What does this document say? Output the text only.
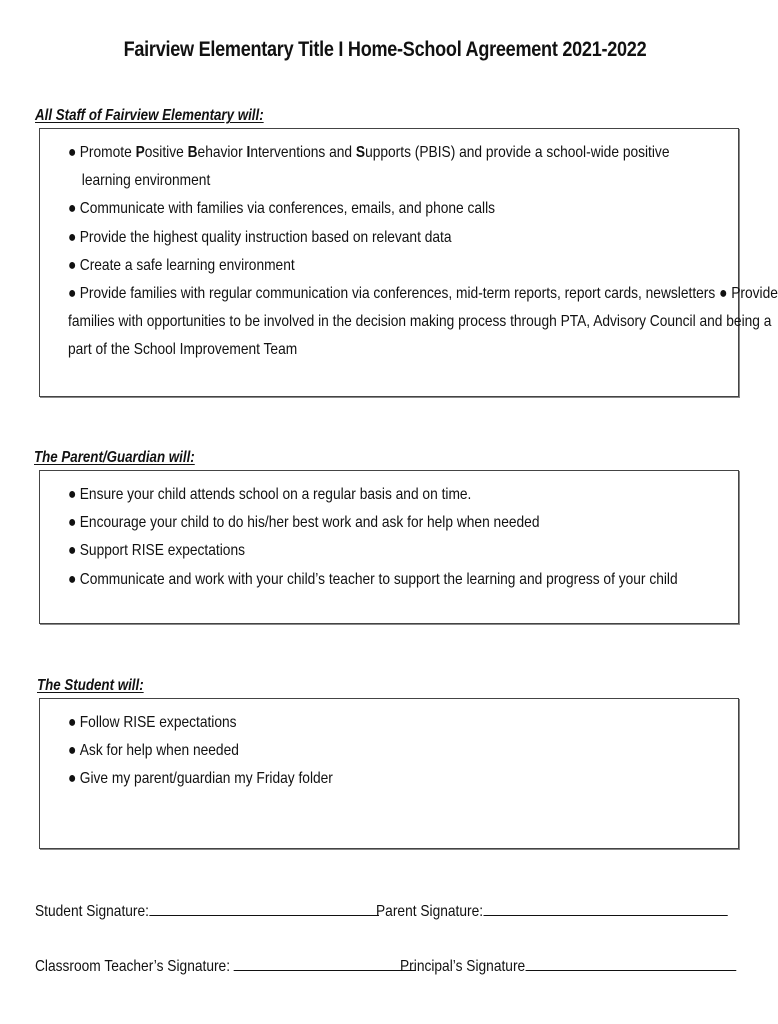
Fairview Elementary Title I Home-School Agreement 2021-2022
All Staff of Fairview Elementary will:
● Promote Positive Behavior Interventions and Supports (PBIS) and provide a school-wide positive
learning environment
● Communicate with families via conferences, emails, and phone calls
● Provide the highest quality instruction based on relevant data
● Create a safe learning environment
● Provide families with regular communication via conferences, mid-term reports, report cards, newsletters ● Provide
families with opportunities to be involved in the decision making process through PTA, Advisory Council and being a
part of the School Improvement Team
The Parent/Guardian will:
● Ensure your child attends school on a regular basis and on time.
● Encourage your child to do his/her best work and ask for help when needed
● Support RISE expectations
● Communicate and work with your child’s teacher to support the learning and progress of your child
The Student will:
● Follow RISE expectations
● Ask for help when needed
● Give my parent/guardian my Friday folder
Student Signature:	Parent Signature:
Classroom Teacher’s Signature:	Principal’s Signature
